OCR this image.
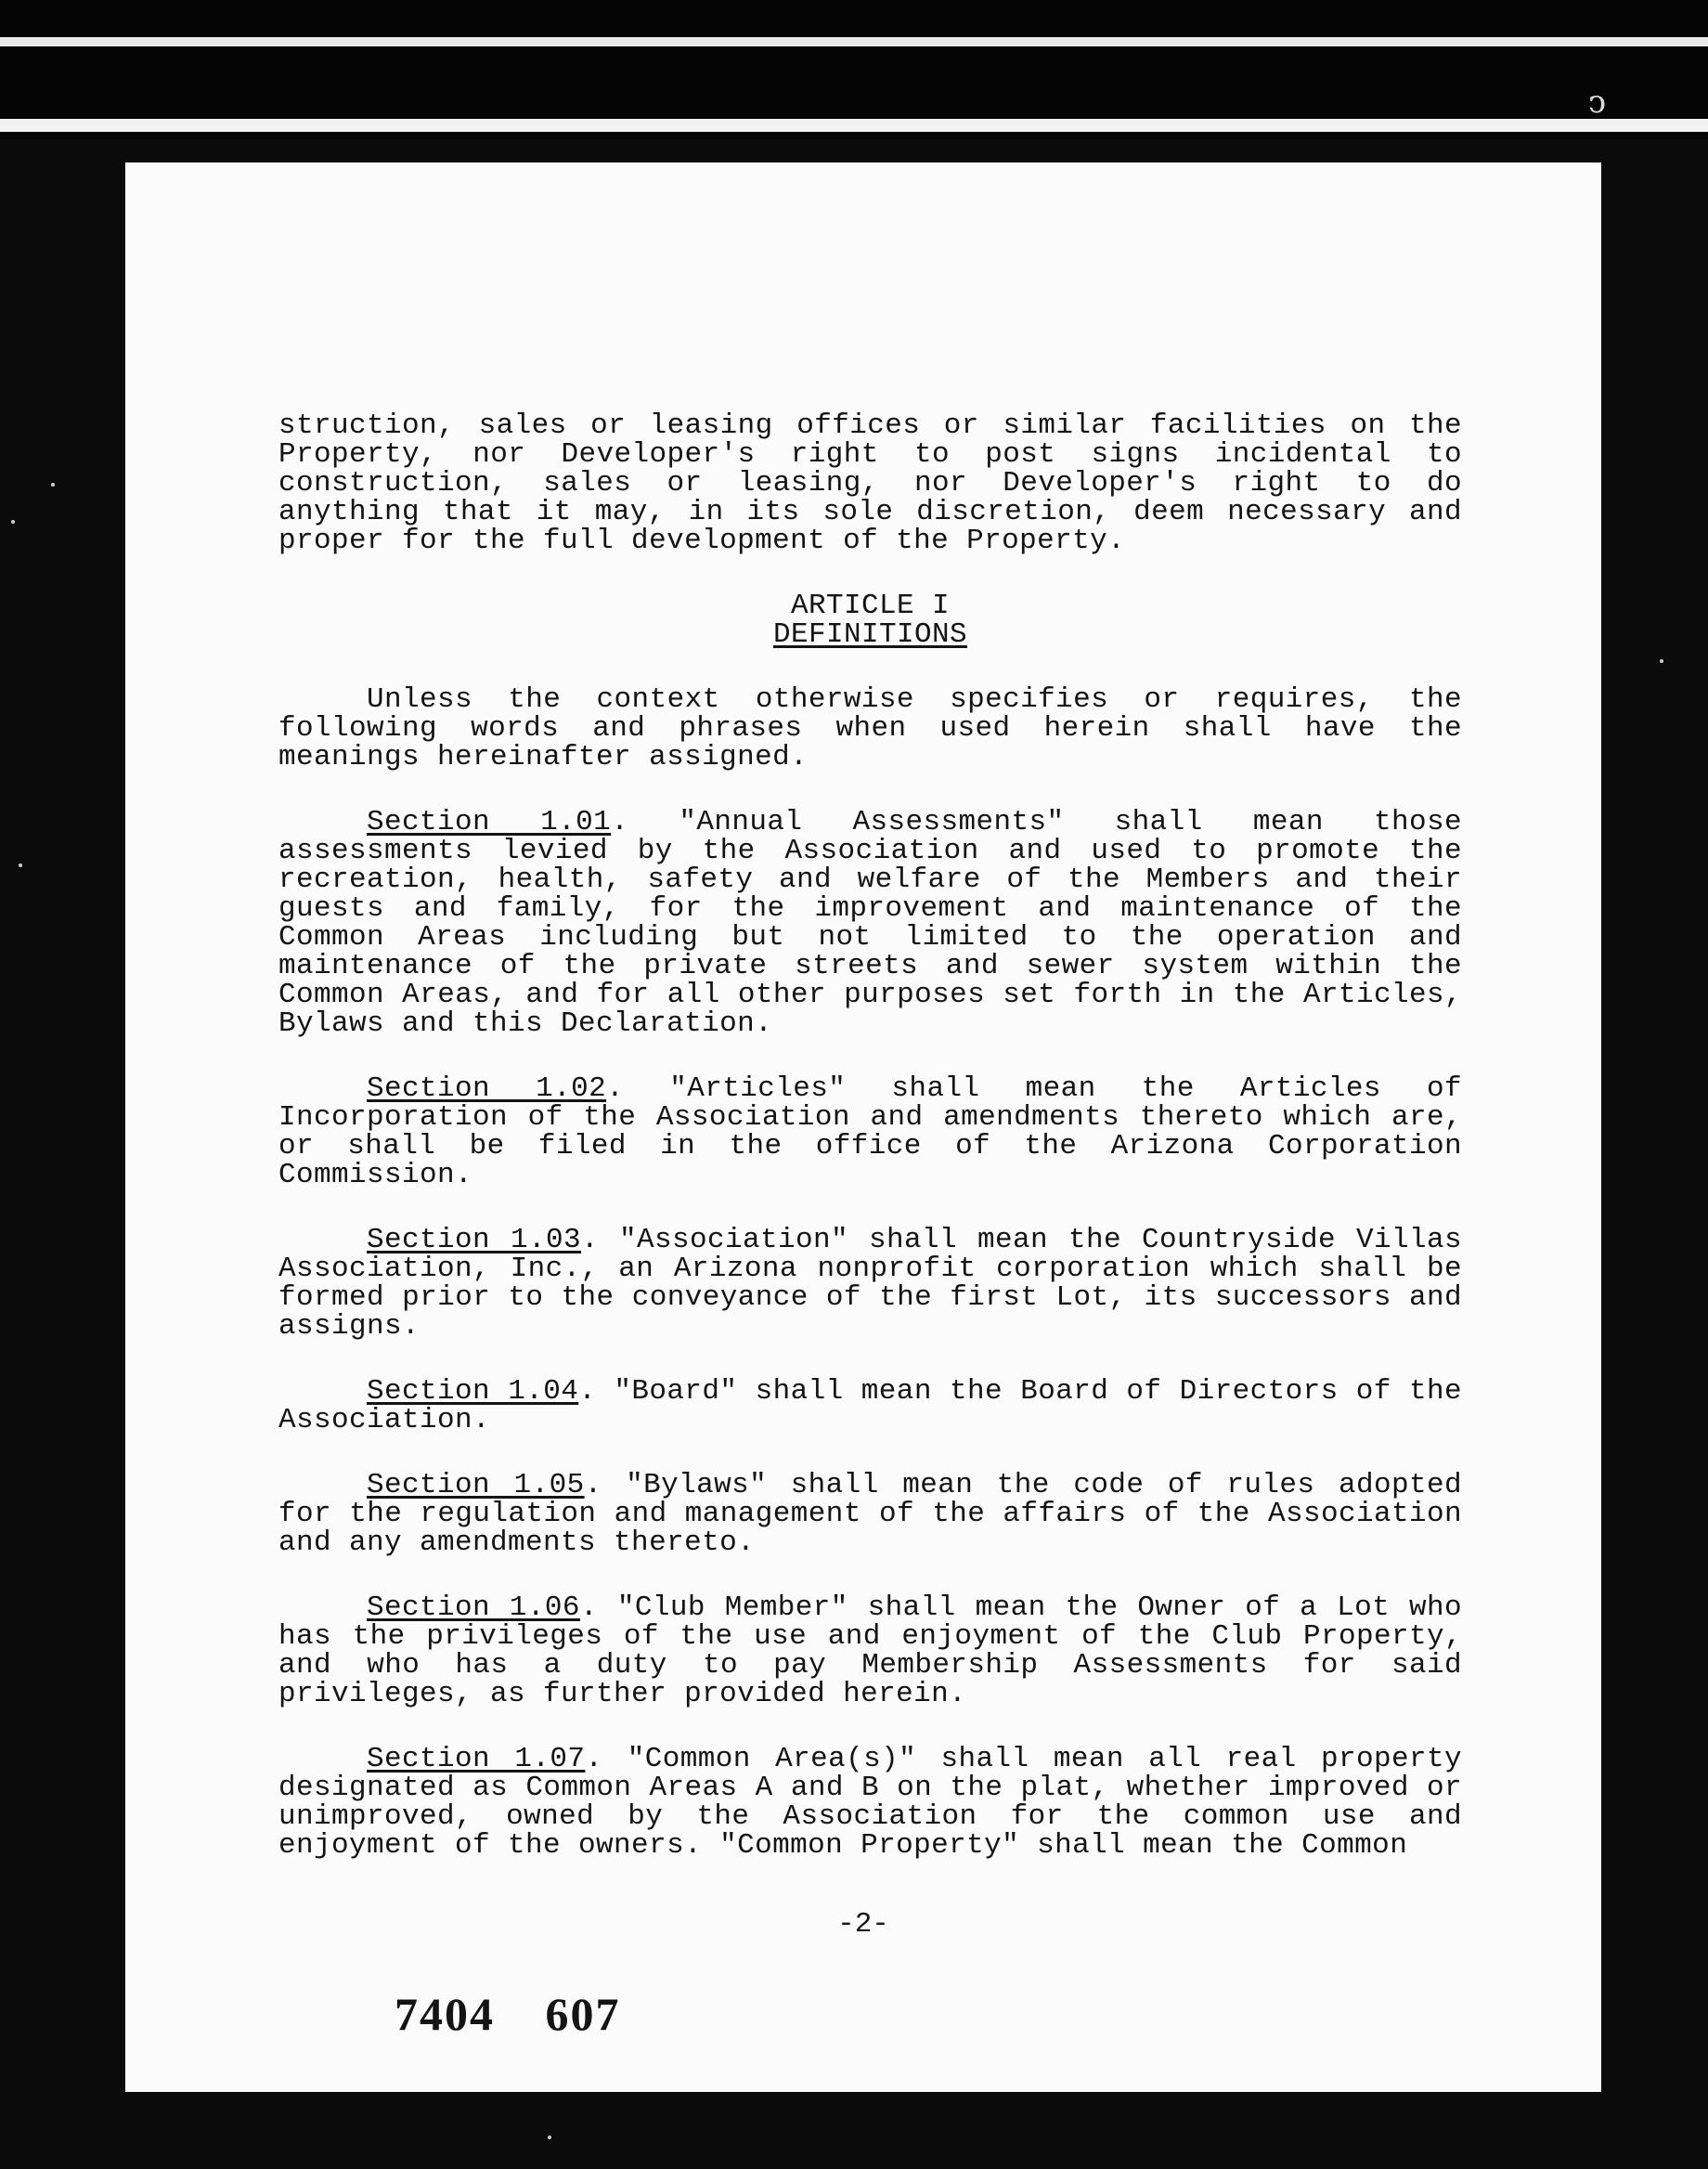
ↄ

struction, sales or leasing offices or similar facilities on the Property, nor Developer's right to post signs incidental to construction, sales or leasing, nor Developer's right to do anything that it may, in its sole discretion, deem necessary and proper for the full development of the Property.

ARTICLE I

DEFINITIONS

Unless the context otherwise specifies or requires, the following words and phrases when used herein shall have the meanings hereinafter assigned.

Section 1.01. "Annual Assessments" shall mean those assessments levied by the Association and used to promote the recreation, health, safety and welfare of the Members and their guests and family, for the improvement and maintenance of the Common Areas including but not limited to the operation and maintenance of the private streets and sewer system within the Common Areas, and for all other purposes set forth in the Articles, Bylaws and this Declaration.

Section 1.02. "Articles" shall mean the Articles of Incorporation of the Association and amendments thereto which are, or shall be filed in the office of the Arizona Corporation Commission.

Section 1.03. "Association" shall mean the Countryside Villas Association, Inc., an Arizona nonprofit corporation which shall be formed prior to the conveyance of the first Lot, its successors and assigns.

Section 1.04. "Board" shall mean the Board of Directors of the Association.

Section 1.05. "Bylaws" shall mean the code of rules adopted for the regulation and management of the affairs of the Association and any amendments thereto.

Section 1.06. "Club Member" shall mean the Owner of a Lot who has the privileges of the use and enjoyment of the Club Property, and who has a duty to pay Membership Assessments for said privileges, as further provided herein.

Section 1.07. "Common Area(s)" shall mean all real property designated as Common Areas A and B on the plat, whether improved or unimproved, owned by the Association for the common use and enjoyment of the owners. "Common Property" shall mean the Common

-2-
7404 607
